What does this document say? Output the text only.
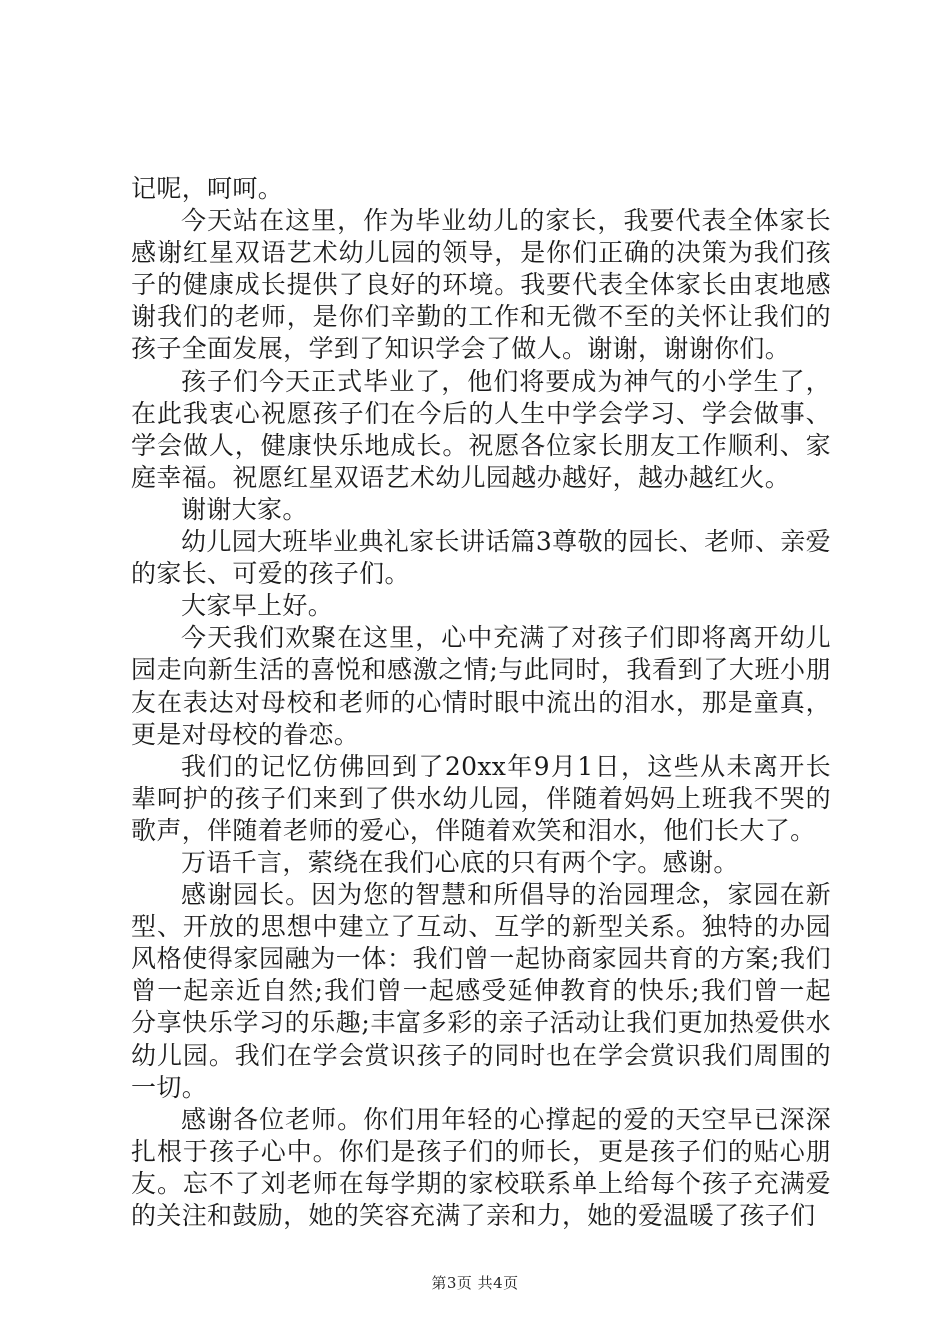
记呢，呵呵。

今天站在这里，作为毕业幼儿的家长，我要代表全体家长感谢红星双语艺术幼儿园的领导，是你们正确的决策为我们孩子的健康成长提供了良好的环境。我要代表全体家长由衷地感谢我们的老师，是你们辛勤的工作和无微不至的关怀让我们的孩子全面发展，学到了知识学会了做人。谢谢，谢谢你们。

孩子们今天正式毕业了，他们将要成为神气的小学生了，在此我衷心祝愿孩子们在今后的人生中学会学习、学会做事、学会做人，健康快乐地成长。祝愿各位家长朋友工作顺利、家庭幸福。祝愿红星双语艺术幼儿园越办越好，越办越红火。

谢谢大家。

幼儿园大班毕业典礼家长讲话篇3尊敬的园长、老师、亲爱的家长、可爱的孩子们。

大家早上好。

今天我们欢聚在这里，心中充满了对孩子们即将离开幼儿园走向新生活的喜悦和感激之情;与此同时，我看到了大班小朋友在表达对母校和老师的心情时眼中流出的泪水，那是童真，更是对母校的眷恋。

我们的记忆仿佛回到了20xx年9月1日，这些从未离开长辈呵护的孩子们来到了供水幼儿园，伴随着妈妈上班我不哭的歌声，伴随着老师的爱心，伴随着欢笑和泪水，他们长大了。

万语千言，萦绕在我们心底的只有两个字。感谢。

感谢园长。因为您的智慧和所倡导的治园理念，家园在新型、开放的思想中建立了互动、互学的新型关系。独特的办园风格使得家园融为一体：我们曾一起协商家园共育的方案;我们曾一起亲近自然;我们曾一起感受延伸教育的快乐;我们曾一起分享快乐学习的乐趣;丰富多彩的亲子活动让我们更加热爱供水幼儿园。我们在学会赏识孩子的同时也在学会赏识我们周围的一切。

感谢各位老师。你们用年轻的心撑起的爱的天空早已深深扎根于孩子心中。你们是孩子们的师长，更是孩子们的贴心朋友。忘不了刘老师在每学期的家校联系单上给每个孩子充满爱的关注和鼓励，她的笑容充满了亲和力，她的爱温暖了孩子们

第3页 共4页
